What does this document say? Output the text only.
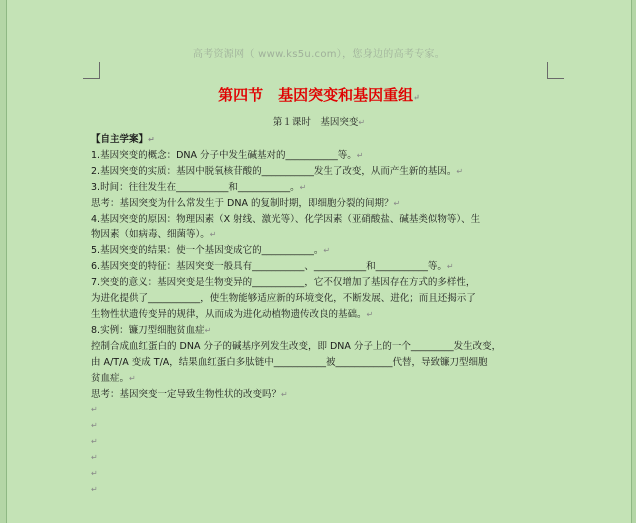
高考资源网（ www.ks5u.com），您身边的高考专家。
第四节　基因突变和基因重组↵
第１课时　基因突变↵
【自主学案】↵
1.基因突变的概念：DNA 分子中发生碱基对的___________等。↵
2.基因突变的实质：基因中脱氧核苷酸的___________发生了改变，从而产生新的基因。↵
3.时间：往往发生在___________和___________。↵
思考：基因突变为什么常发生于 DNA 的复制时期，即细胞分裂的间期？↵
4.基因突变的原因：物理因素（X 射线、激光等）、化学因素（亚硝酸盐、碱基类似物等）、生
物因素（如病毒、细菌等）。↵
5.基因突变的结果：使一个基因变成它的___________。↵
6.基因突变的特征：基因突变一般具有___________、___________和___________等。↵
7.突变的意义：基因突变是生物变异的___________，它不仅增加了基因存在方式的多样性，
为进化提供了___________，使生物能够适应新的环境变化，不断发展、进化；而且还揭示了
生物性状遗传变异的规律，从而成为进化动植物遗传改良的基础。↵
8.实例：镰刀型细胞贫血症↵
控制合成血红蛋白的 DNA 分子的碱基序列发生改变，即 DNA 分子上的一个_________发生改变，
由 A/T/A 变成 T/A，结果血红蛋白多肽链中___________被____________代替，导致镰刀型细胞
贫血症。↵
思考：基因突变一定导致生物性状的改变吗？↵
↵
↵
↵
↵
↵
↵
